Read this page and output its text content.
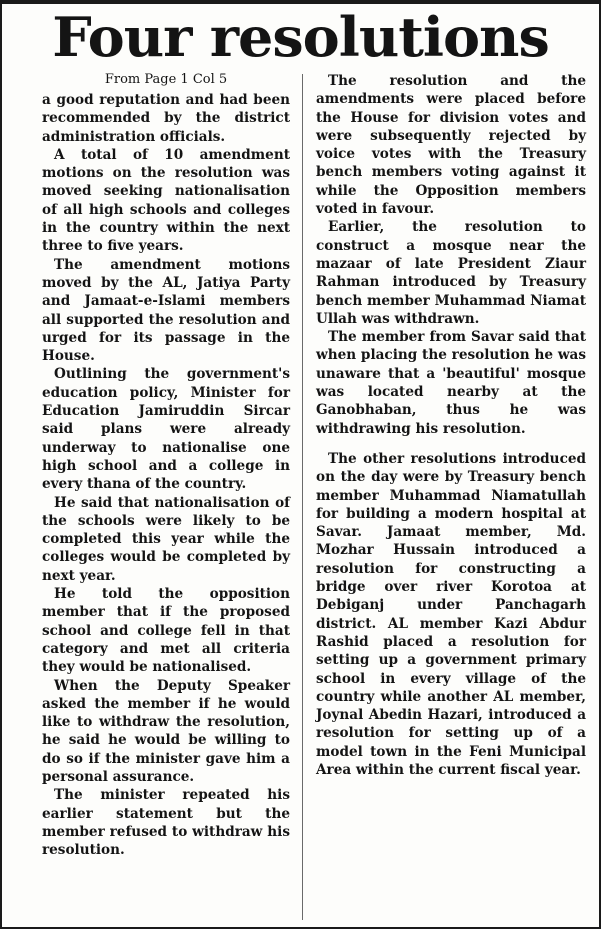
Four resolutions

From Page 1 Col 5

a good reputation and had been recommended by the district administration officials.

A total of 10 amendment motions on the resolution was moved seeking nationalisation of all high schools and colleges in the country within the next three to five years.

The amendment motions moved by the AL, Jatiya Party and Jamaat-e-Islami members all supported the resolution and urged for its passage in the House.

Outlining the government's education policy, Minister for Education Jamiruddin Sircar said plans were already underway to nationalise one high school and a college in every thana of the country.

He said that nationalisation of the schools were likely to be completed this year while the colleges would be completed by next year.

He told the opposition member that if the proposed school and college fell in that category and met all criteria they would be nationalised.

When the Deputy Speaker asked the member if he would like to withdraw the resolution, he said he would be willing to do so if the minister gave him a personal assurance.

The minister repeated his earlier statement but the member refused to withdraw his resolution.

The resolution and the amendments were placed before the House for division votes and were subsequently rejected by voice votes with the Treasury bench members voting against it while the Opposition members voted in favour.

Earlier, the resolution to construct a mosque near the mazaar of late President Ziaur Rahman introduced by Treasury bench member Muhammad Niamat Ullah was withdrawn.

The member from Savar said that when placing the resolution he was unaware that a 'beautiful' mosque was located nearby at the Ganobhaban, thus he was withdrawing his resolution.

The other resolutions introduced on the day were by Treasury bench member Muhammad Niamatullah for building a modern hospital at Savar. Jamaat member, Md. Mozhar Hussain introduced a resolution for constructing a bridge over river Korotoa at Debiganj under Panchagarh district. AL member Kazi Abdur Rashid placed a resolution for setting up a government primary school in every village of the country while another AL member, Joynal Abedin Hazari, introduced a resolution for setting up of a model town in the Feni Municipal Area within the current fiscal year.
